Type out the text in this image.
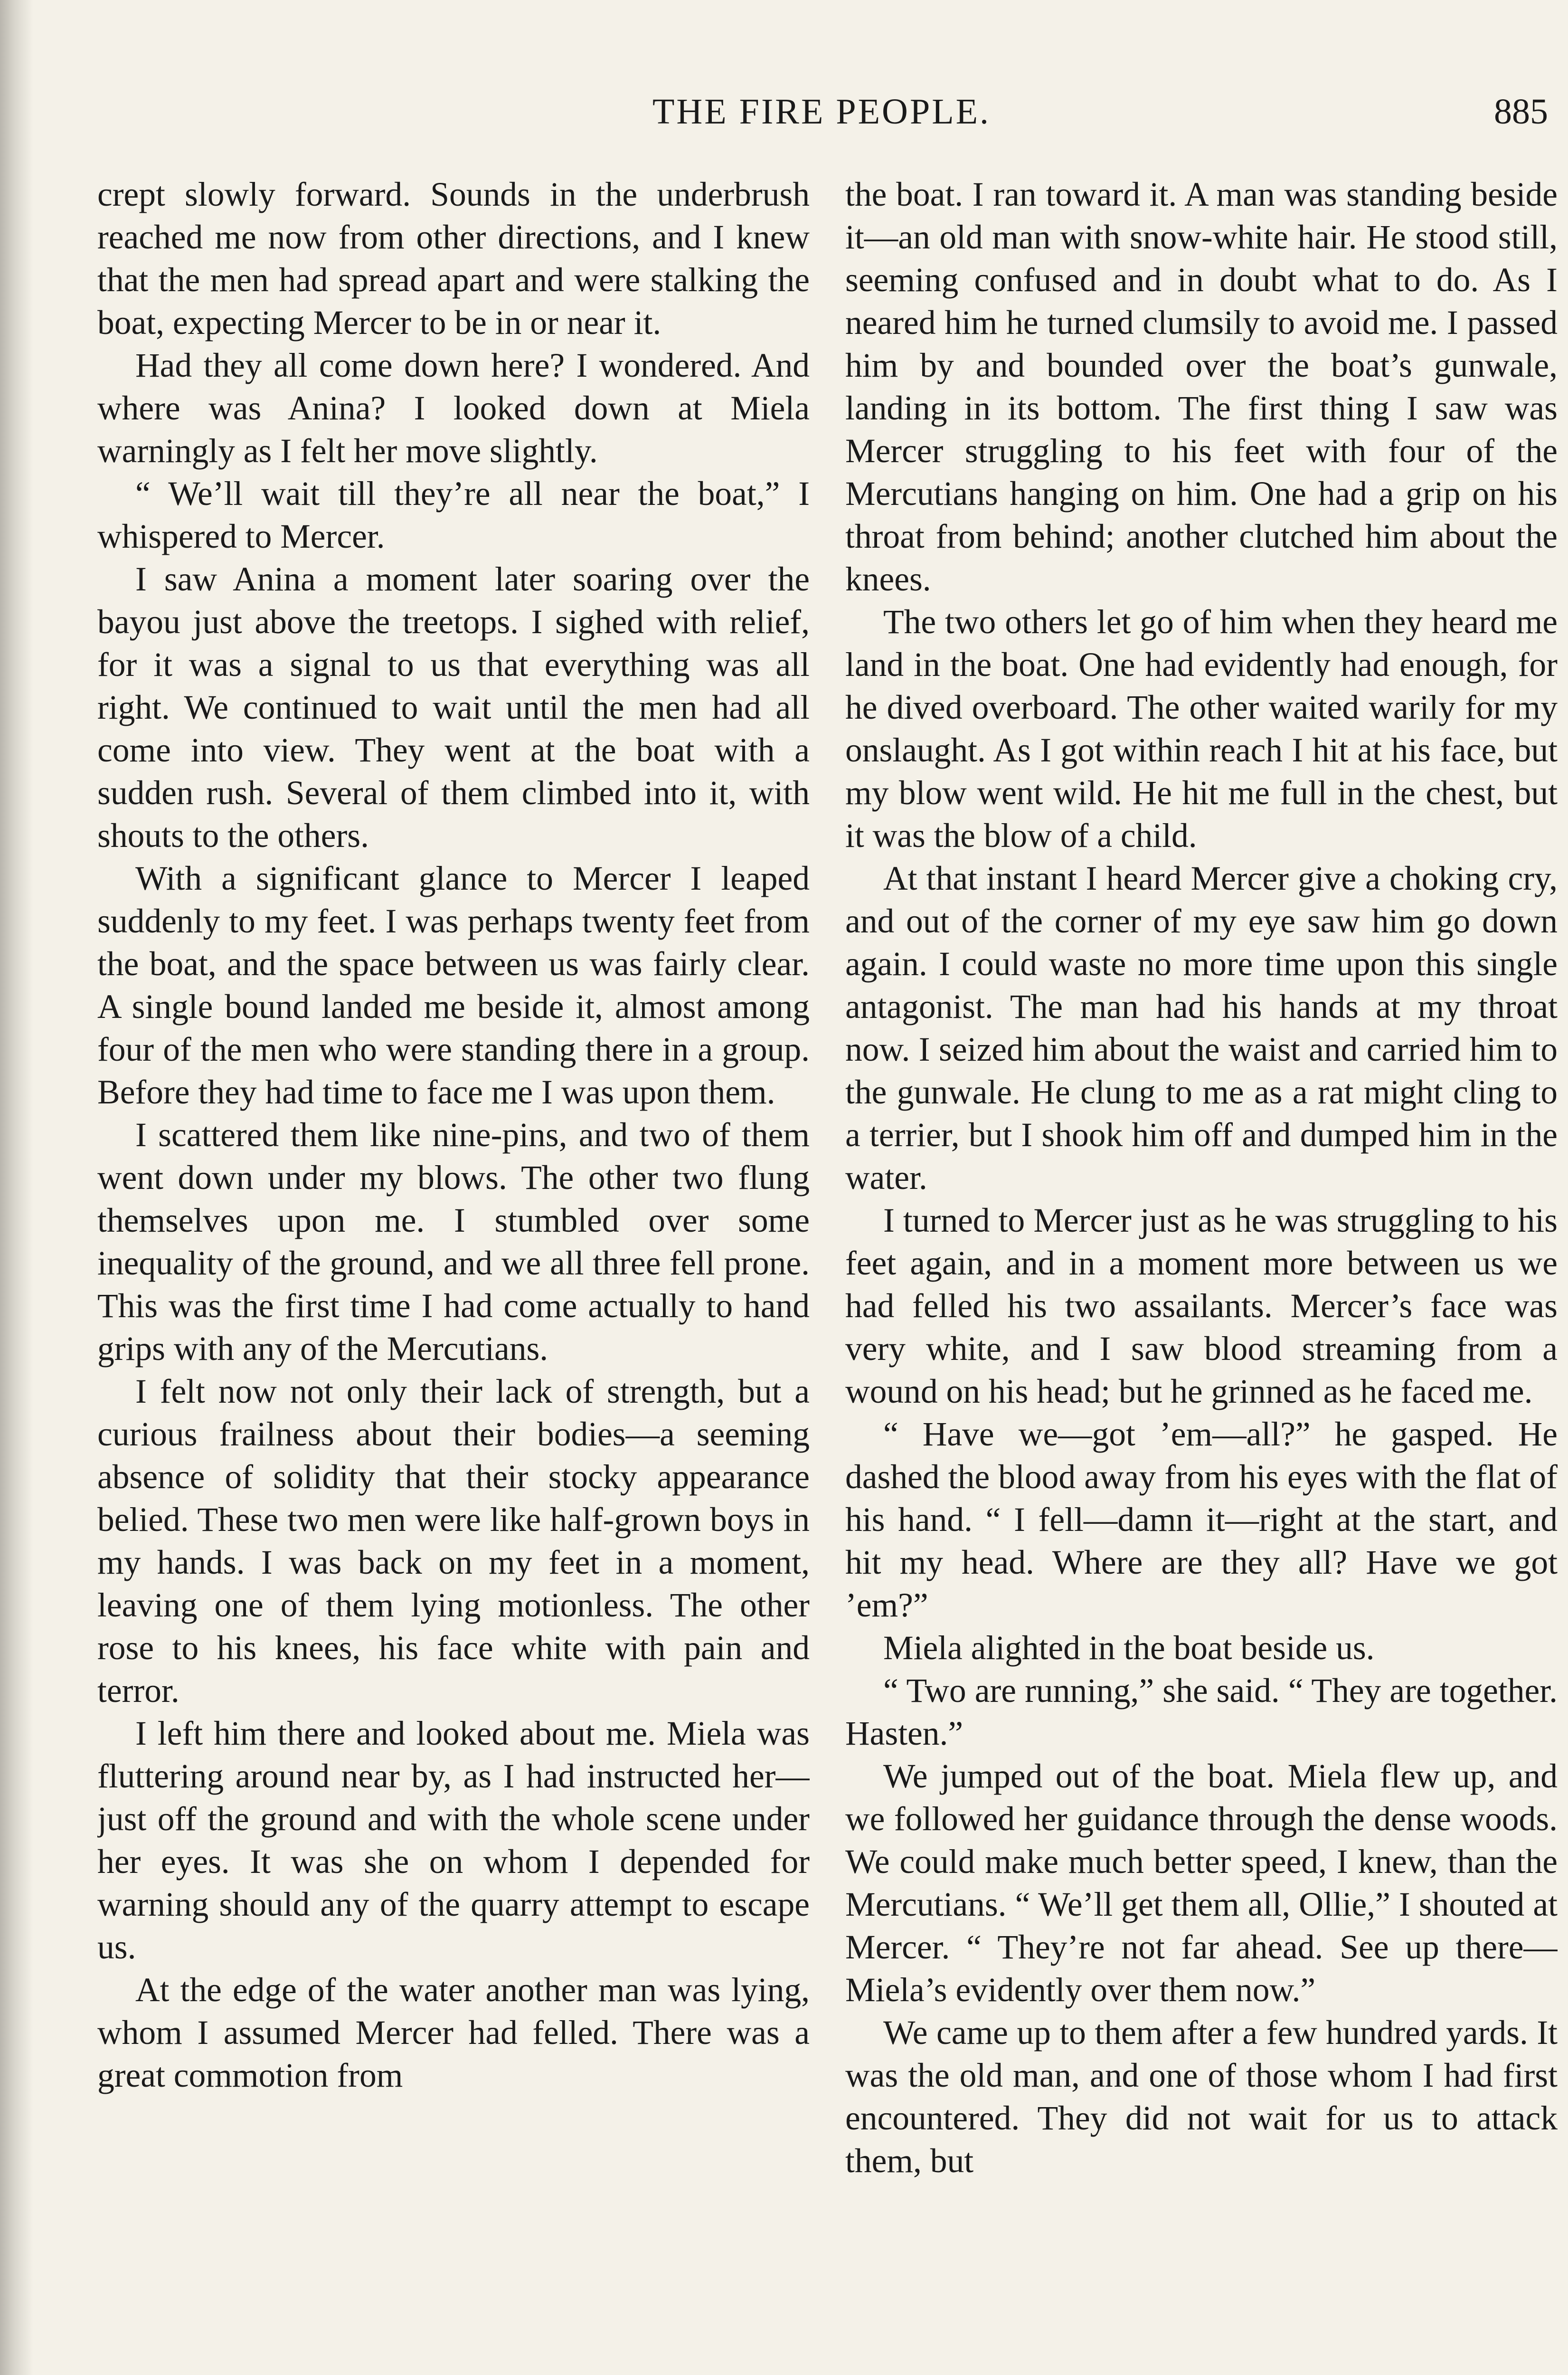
THE FIRE PEOPLE.	885

crept slowly forward. Sounds in the underbrush reached me now from other directions, and I knew that the men had spread apart and were stalking the boat, expecting Mercer to be in or near it.

Had they all come down here? I wondered. And where was Anina? I looked down at Miela warningly as I felt her move slightly.

“ We’ll wait till they’re all near the boat,” I whispered to Mercer.

I saw Anina a moment later soaring over the bayou just above the treetops. I sighed with relief, for it was a signal to us that everything was all right. We continued to wait until the men had all come into view. They went at the boat with a sudden rush. Several of them climbed into it, with shouts to the others.

With a significant glance to Mercer I leaped suddenly to my feet. I was perhaps twenty feet from the boat, and the space between us was fairly clear. A single bound landed me beside it, almost among four of the men who were standing there in a group. Before they had time to face me I was upon them.

I scattered them like nine-pins, and two of them went down under my blows. The other two flung themselves upon me. I stumbled over some inequality of the ground, and we all three fell prone. This was the first time I had come actually to hand grips with any of the Mercutians.

I felt now not only their lack of strength, but a curious frailness about their bodies—a seeming absence of solidity that their stocky appearance belied. These two men were like half-grown boys in my hands. I was back on my feet in a moment, leaving one of them lying motionless. The other rose to his knees, his face white with pain and terror.

I left him there and looked about me. Miela was fluttering around near by, as I had instructed her—just off the ground and with the whole scene under her eyes. It was she on whom I depended for warning should any of the quarry attempt to escape us.

At the edge of the water another man was lying, whom I assumed Mercer had felled. There was a great commotion from

the boat. I ran toward it. A man was standing beside it—an old man with snow-white hair. He stood still, seeming confused and in doubt what to do. As I neared him he turned clumsily to avoid me. I passed him by and bounded over the boat’s gunwale, landing in its bottom. The first thing I saw was Mercer struggling to his feet with four of the Mercutians hanging on him. One had a grip on his throat from behind; another clutched him about the knees.

The two others let go of him when they heard me land in the boat. One had evidently had enough, for he dived overboard. The other waited warily for my onslaught. As I got within reach I hit at his face, but my blow went wild. He hit me full in the chest, but it was the blow of a child.

At that instant I heard Mercer give a choking cry, and out of the corner of my eye saw him go down again. I could waste no more time upon this single antagonist. The man had his hands at my throat now. I seized him about the waist and carried him to the gunwale. He clung to me as a rat might cling to a terrier, but I shook him off and dumped him in the water.

I turned to Mercer just as he was struggling to his feet again, and in a moment more between us we had felled his two assailants. Mercer’s face was very white, and I saw blood streaming from a wound on his head; but he grinned as he faced me.

“ Have we—got ’em—all?” he gasped. He dashed the blood away from his eyes with the flat of his hand. “ I fell—damn it—right at the start, and hit my head. Where are they all? Have we got ’em?”

Miela alighted in the boat beside us.

“ Two are running,” she said. “ They are together. Hasten.”

We jumped out of the boat. Miela flew up, and we followed her guidance through the dense woods. We could make much better speed, I knew, than the Mercutians. “ We’ll get them all, Ollie,” I shouted at Mercer. “ They’re not far ahead. See up there—Miela’s evidently over them now.”

We came up to them after a few hundred yards. It was the old man, and one of those whom I had first encountered. They did not wait for us to attack them, but
